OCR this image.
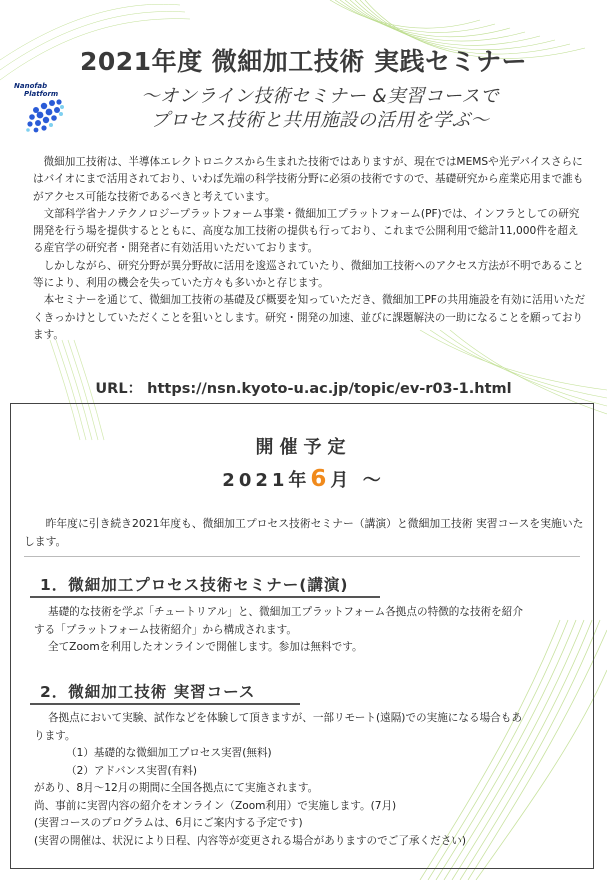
2021年度 微細加工技術 実践セミナー
Nanofab
Platform	～オンライン技術セミナー &実習コースで
プロセス技術と共用施設の活用を学ぶ～

微細加工技術は、半導体エレクトロニクスから生まれた技術ではありますが、現在ではMEMSや光デバイスさらにはバイオにまで活用されており、いわば先端の科学技術分野に必須の技術ですので、基礎研究から産業応用まで誰もがアクセス可能な技術であるべきと考えています。

文部科学省ナノテクノロジープラットフォーム事業・微細加工プラットフォーム(PF)では、インフラとしての研究開発を行う場を提供するとともに、高度な加工技術の提供も行っており、これまで公開利用で総計11,000件を超える産官学の研究者・開発者に有効活用いただいております。

しかしながら、研究分野が異分野故に活用を逡巡されていたり、微細加工技術へのアクセス方法が不明であること等により、利用の機会を失っていた方々も多いかと存じます。

本セミナーを通じて、微細加工技術の基礎及び概要を知っていただき、微細加工PFの共用施設を有効に活用いただくきっかけとしていただくことを狙いとします。研究・開発の加速、並びに課題解決の一助になることを願っております。

URL： https://nsn.kyoto-u.ac.jp/topic/ev-r03-1.html
開催予定
2021年6月 ～
昨年度に引き続き2021年度も、微細加工プロセス技術セミナー（講演）と微細加工技術 実習コースを実施いたします。
1．微細加工プロセス技術セミナー(講演)
基礎的な技術を学ぶ「チュートリアル」と、微細加工プラットフォーム各拠点の特徴的な技術を紹介
する「プラットフォーム技術紹介」から構成されます。
全てZoomを利用したオンラインで開催します。参加は無料です。
2．微細加工技術 実習コース
各拠点において実験、試作などを体験して頂きますが、一部リモート(遠隔)での実施になる場合もあ
ります。
（1）基礎的な微細加工プロセス実習(無料)
（2）アドバンス実習(有料)
があり、8月～12月の期間に全国各拠点にて実施されます。
尚、事前に実習内容の紹介をオンライン（Zoom利用）で実施します。(7月)
(実習コースのプログラムは、6月にご案内する予定です)
(実習の開催は、状況により日程、内容等が変更される場合がありますのでご了承ください)
